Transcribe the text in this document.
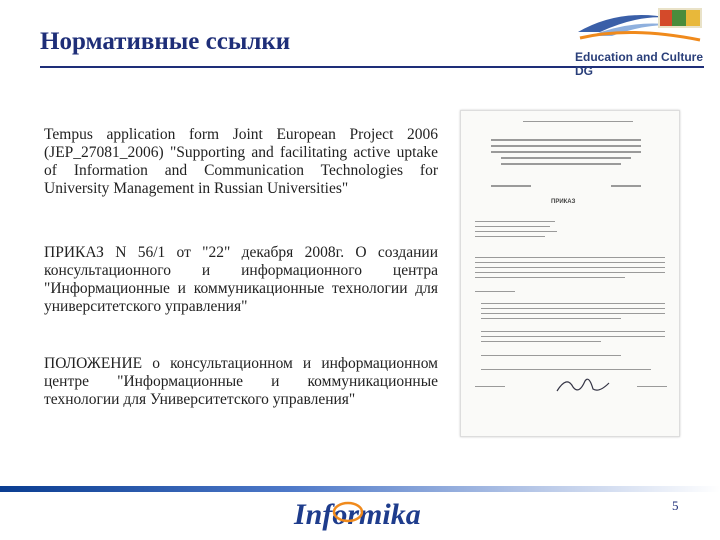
Нормативные ссылки
Education and Culture DG
Tempus application form Joint European Project 2006 (JEP_27081_2006) "Supporting and facilitating active uptake of Information and Communication Technologies for University Management in Russian Universities"
ПРИКАЗ N 56/1 от "22" декабря 2008г. О создании консультационного и информационного центра "Информационные и коммуникационные технологии для университетского управления"
ПОЛОЖЕНИЕ о консультационном и информационном центре "Информационные и коммуникационные технологии для Университетского управления"
ПРИКАЗ
Informika	5
